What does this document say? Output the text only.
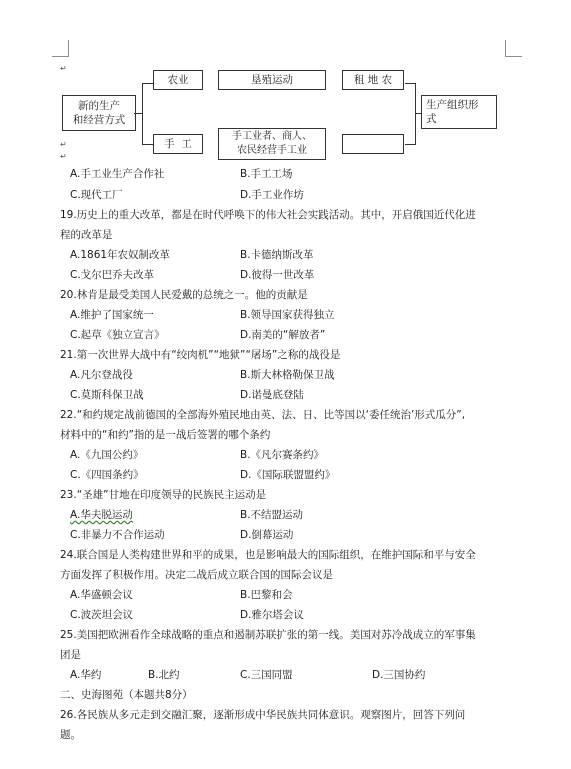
新的生产
和经营方式
农业	垦殖运动	租 地 农
手  工
手工业者、商人、
农民经营手工业
生产组织形
式
↵
↵
↵
A.手工业生产合作社	B.手工工场
C.现代工厂	D.手工业作坊
19.历史上的重大改革，都是在时代呼唤下的伟大社会实践活动。其中，开启俄国近代化进
程的改革是
A.1861年农奴制改革	B.卡德纳斯改革
C.戈尔巴乔夫改革	D.彼得一世改革
20.林肯是最受美国人民爱戴的总统之一。他的贡献是
A.维护了国家统一	B.领导国家获得独立
C.起草《独立宣言》	D.南美的“解放者”
21.第一次世界大战中有“绞肉机”“地狱”“屠场”之称的战役是
A.凡尔登战役	B.斯大林格勒保卫战
C.莫斯科保卫战	D.诺曼底登陆
22.“和约规定战前德国的全部海外殖民地由英、法、日、比等国以‘委任统治’形式瓜分”,
材料中的“和约”指的是一战后签署的哪个条约
A.《九国公约》	B.《凡尔赛条约》
C.《四国条约》	D.《国际联盟盟约》
23.“圣雄”甘地在印度领导的民族民主运动是
A.华夫脱运动	B.不结盟运动
C.非暴力不合作运动	D.倒幕运动
24.联合国是人类构建世界和平的成果，也是影响最大的国际组织，在维护国际和平与安全
方面发挥了积极作用。决定二战后成立联合国的国际会议是
A.华盛顿会议	B.巴黎和会
C.波茨坦会议	D.雅尔塔会议
25.美国把欧洲看作全球战略的重点和遏制苏联扩张的第一线。美国对苏冷战成立的军事集
团是
A.华约	B.北约	C.三国同盟	D.三国协约
二、史海图苑（本题共8分）
26.各民族从多元走到交融汇聚，逐渐形成中华民族共同体意识。观察图片，回答下列问
题。
